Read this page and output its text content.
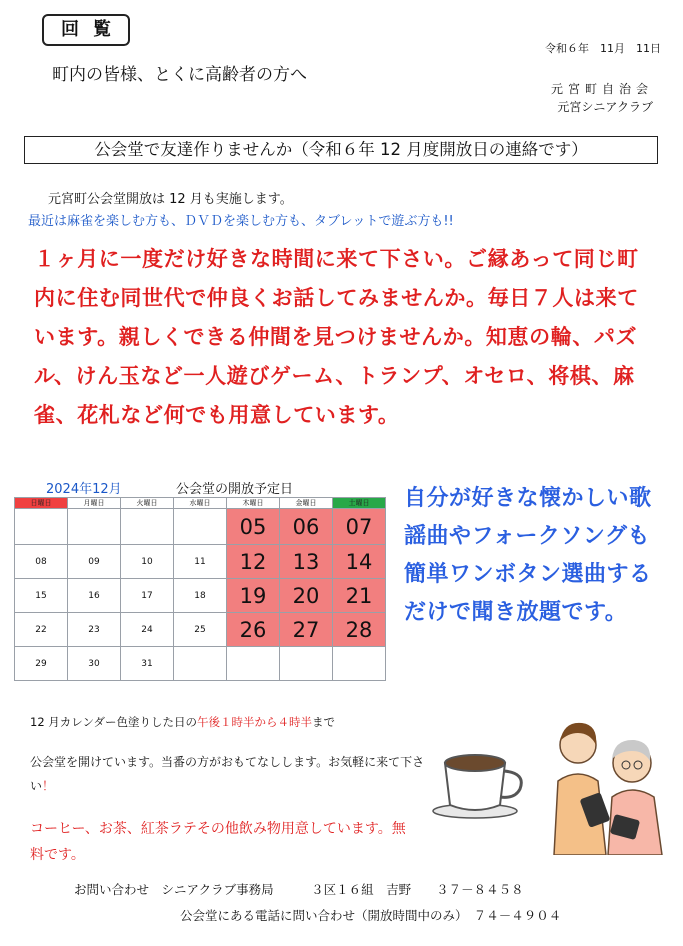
回覧
令和６年　11月　11日
町内の皆様、とくに高齢者の方へ
元宮町自治会
元宮シニアクラブ
公会堂で友達作りませんか（令和６年 12 月度開放日の連絡です）
元宮町公会堂開放は 12 月も実施します。
最近は麻雀を楽しむ方も、ＤＶＤを楽しむ方も、タブレットで遊ぶ方も!!
１ヶ月に一度だけ好きな時間に来て下さい。ご縁あって同じ町内に住む同世代で仲良くお話してみませんか。毎日７人は来ています。親しくできる仲間を見つけませんか。知恵の輪、パズル、けん玉など一人遊びゲーム、トランプ、オセロ、将棋、麻雀、花札など何でも用意しています。
2024年12月	公会堂の開放予定日
日曜日	月曜日	火曜日	水曜日	木曜日	金曜日	土曜日
				05	06	07
08	09	10	11	12	13	14
15	16	17	18	19	20	21
22	23	24	25	26	27	28
29	30	31				
自分が好きな懐かしい歌謡曲やフォークソングも簡単ワンボタン選曲するだけで聞き放題です。
12 月カレンダー色塗りした日の午後１時半から４時半まで
公会堂を開けています。当番の方がおもてなしします。お気軽に来て下さい！
コーヒー、お茶、紅茶ラテその他飲み物用意しています。無料です。
お問い合わせ　シニアクラブ事務局　　　３区１６組　吉野　　３７－８４５８
公会堂にある電話に問い合わせ（開放時間中のみ）　７４－４９０４
